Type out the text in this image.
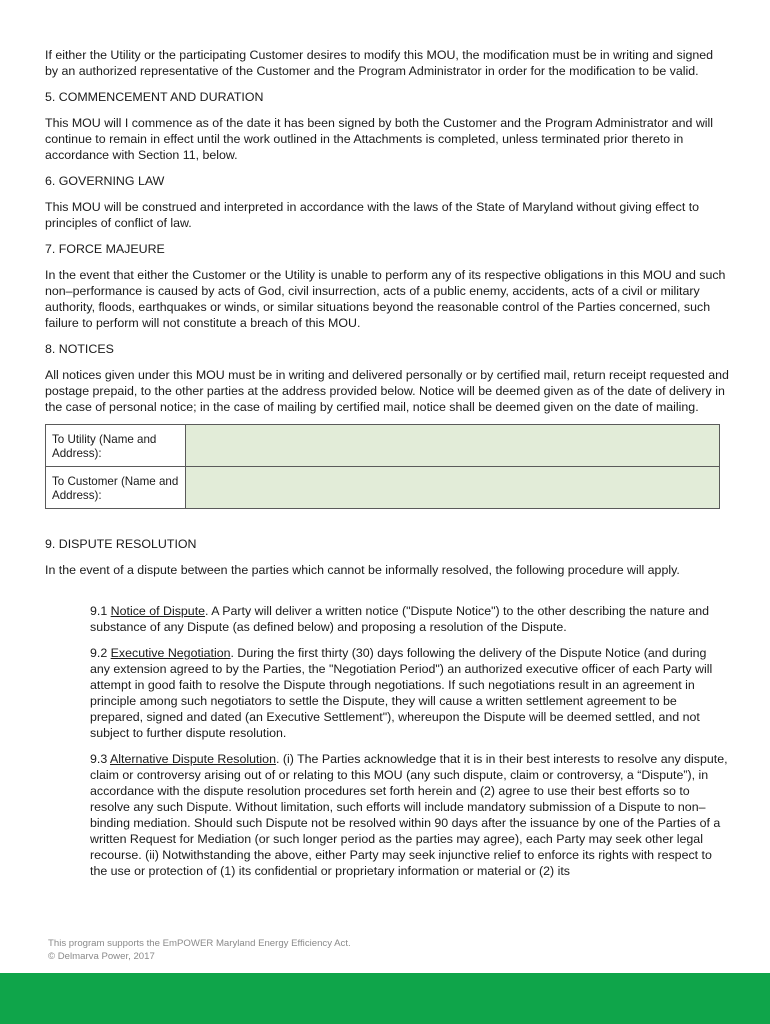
If either the Utility or the participating Customer desires to modify this MOU, the modification must be in writing and signed by an authorized representative of the Customer and the Program Administrator in order for the modification to be valid.

5. COMMENCEMENT AND DURATION

This MOU will I commence as of the date it has been signed by both the Customer and the Program Administrator and will continue to remain in effect until the work outlined in the Attachments is completed, unless terminated prior thereto in accordance with Section 11, below.

6. GOVERNING LAW

This MOU will be construed and interpreted in accordance with the laws of the State of Maryland without giving effect to principles of conflict of law.

7. FORCE MAJEURE

In the event that either the Customer or the Utility is unable to perform any of its respective obligations in this MOU and such non–performance is caused by acts of God, civil insurrection, acts of a public enemy, accidents, acts of a civil or military authority, floods, earthquakes or winds, or similar situations beyond the reasonable control of the Parties concerned, such failure to perform will not constitute a breach of this MOU.

8. NOTICES

All notices given under this MOU must be in writing and delivered personally or by certified mail, return receipt requested and postage prepaid, to the other parties at the address provided below. Notice will be deemed given as of the date of delivery in the case of personal notice; in the case of mailing by certified mail, notice shall be deemed given on the date of mailing.

To Utility (Name and Address):	
To Customer (Name and Address):	

9. DISPUTE RESOLUTION

In the event of a dispute between the parties which cannot be informally resolved, the following procedure will apply.

9.1 Notice of Dispute. A Party will deliver a written notice ("Dispute Notice") to the other describing the nature and substance of any Dispute (as defined below) and proposing a resolution of the Dispute.

9.2 Executive Negotiation. During the first thirty (30) days following the delivery of the Dispute Notice (and during any extension agreed to by the Parties, the "Negotiation Period") an authorized executive officer of each Party will attempt in good faith to resolve the Dispute through negotiations. If such negotiations result in an agreement in principle among such negotiators to settle the Dispute, they will cause a written settlement agreement to be prepared, signed and dated (an Executive Settlement"), whereupon the Dispute will be deemed settled, and not subject to further dispute resolution.

9.3 Alternative Dispute Resolution. (i) The Parties acknowledge that it is in their best interests to resolve any dispute, claim or controversy arising out of or relating to this MOU (any such dispute, claim or controversy, a “Dispute”), in accordance with the dispute resolution procedures set forth herein and (2) agree to use their best efforts so to resolve any such Dispute. Without limitation, such efforts will include mandatory submission of a Dispute to non–binding mediation. Should such Dispute not be resolved within 90 days after the issuance by one of the Parties of a written Request for Mediation (or such longer period as the parties may agree), each Party may seek other legal recourse. (ii) Notwithstanding the above, either Party may seek injunctive relief to enforce its rights with respect to the use or protection of (1) its confidential or proprietary information or material or (2) its

This program supports the EmPOWER Maryland Energy Efficiency Act.
© Delmarva Power, 2017
